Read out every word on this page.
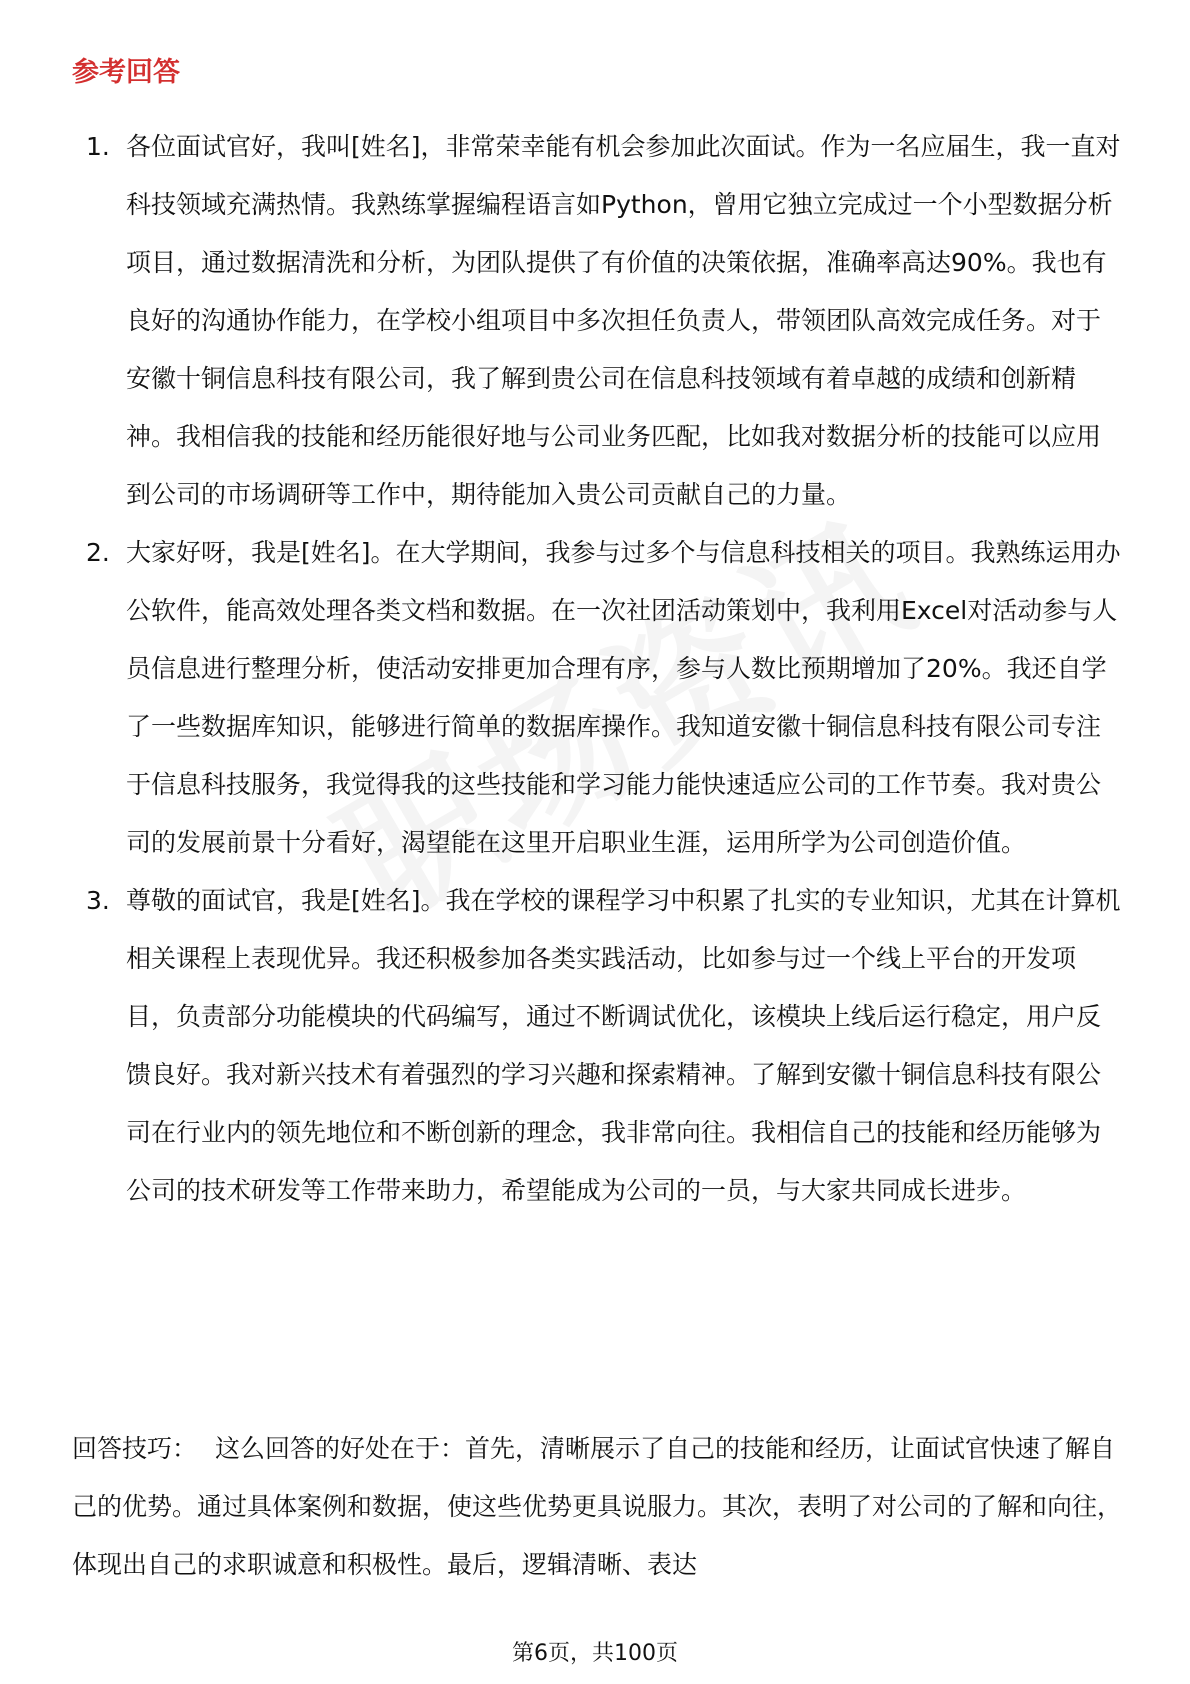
参考回答
1. 各位面试官好，我叫[姓名]，非常荣幸能有机会参加此次面试。作为一名应届生，我一直对科技领域充满热情。我熟练掌握编程语言如Python，曾用它独立完成过一个小型数据分析项目，通过数据清洗和分析，为团队提供了有价值的决策依据，准确率高达90%。我也有良好的沟通协作能力，在学校小组项目中多次担任负责人，带领团队高效完成任务。对于安徽十铜信息科技有限公司，我了解到贵公司在信息科技领域有着卓越的成绩和创新精神。我相信我的技能和经历能很好地与公司业务匹配，比如我对数据分析的技能可以应用到公司的市场调研等工作中，期待能加入贵公司贡献自己的力量。
2. 大家好呀，我是[姓名]。在大学期间，我参与过多个与信息科技相关的项目。我熟练运用办公软件，能高效处理各类文档和数据。在一次社团活动策划中，我利用Excel对活动参与人员信息进行整理分析，使活动安排更加合理有序，参与人数比预期增加了20%。我还自学了一些数据库知识，能够进行简单的数据库操作。我知道安徽十铜信息科技有限公司专注于信息科技服务，我觉得我的这些技能和学习能力能快速适应公司的工作节奏。我对贵公司的发展前景十分看好，渴望能在这里开启职业生涯，运用所学为公司创造价值。
3. 尊敬的面试官，我是[姓名]。我在学校的课程学习中积累了扎实的专业知识，尤其在计算机相关课程上表现优异。我还积极参加各类实践活动，比如参与过一个线上平台的开发项目，负责部分功能模块的代码编写，通过不断调试优化，该模块上线后运行稳定，用户反馈良好。我对新兴技术有着强烈的学习兴趣和探索精神。了解到安徽十铜信息科技有限公司在行业内的领先地位和不断创新的理念，我非常向往。我相信自己的技能和经历能够为公司的技术研发等工作带来助力，希望能成为公司的一员，与大家共同成长进步。

回答技巧： 这么回答的好处在于：首先，清晰展示了自己的技能和经历，让面试官快速了解自己的优势。通过具体案例和数据，使这些优势更具说服力。其次，表明了对公司的了解和向往，体现出自己的求职诚意和积极性。最后，逻辑清晰、表达

第6页，共100页
